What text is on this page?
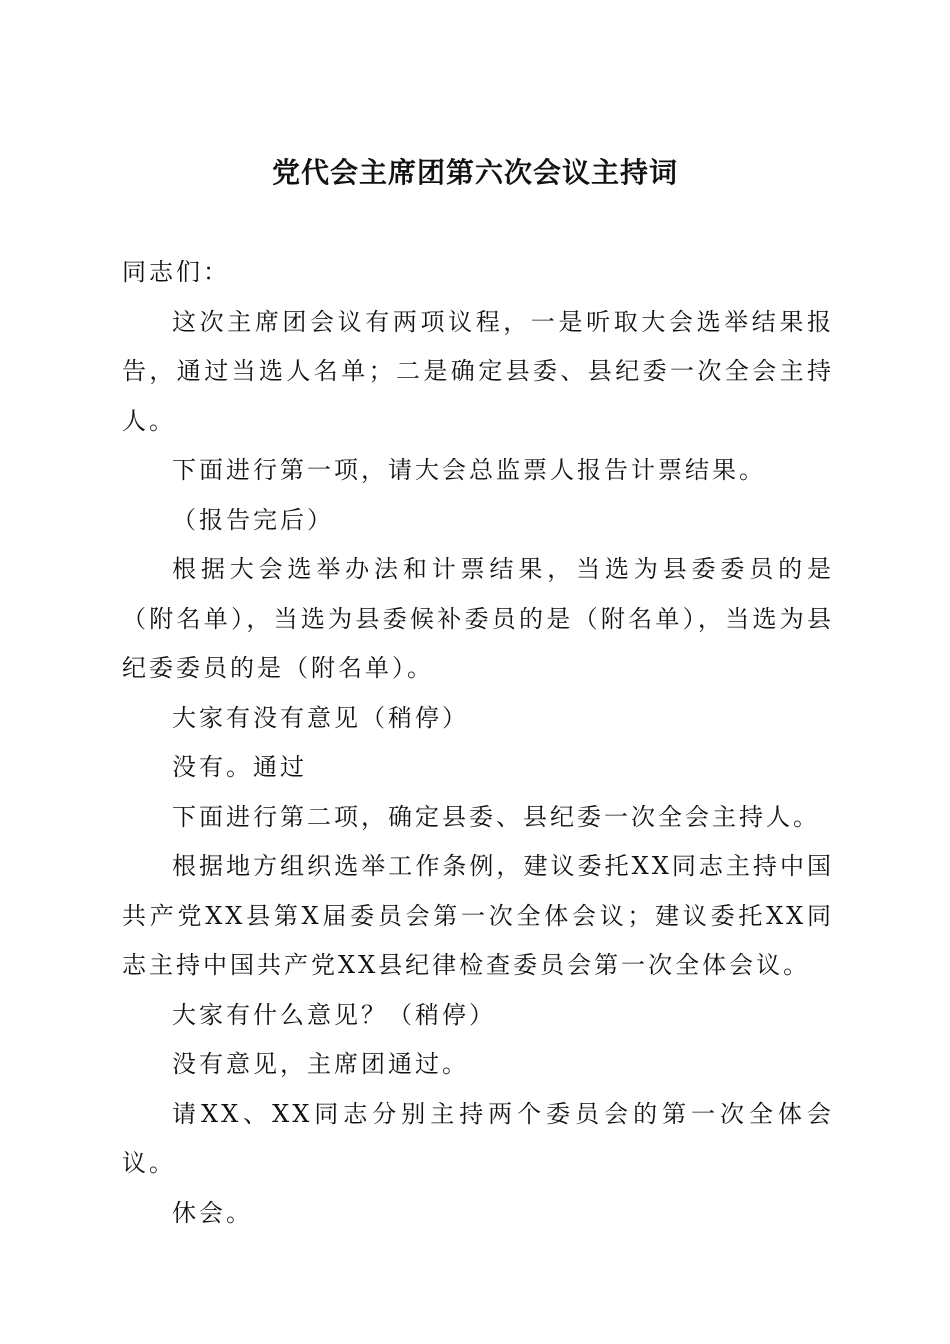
党代会主席团第六次会议主持词

同志们：

这次主席团会议有两项议程，一是听取大会选举结果报告，通过当选人名单；二是确定县委、县纪委一次全会主持人。

下面进行第一项，请大会总监票人报告计票结果。

（报告完后）

根据大会选举办法和计票结果，当选为县委委员的是（附名单），当选为县委候补委员的是（附名单），当选为县纪委委员的是（附名单）。

大家有没有意见（稍停）

没有。通过

下面进行第二项，确定县委、县纪委一次全会主持人。

根据地方组织选举工作条例，建议委托XX同志主持中国共产党XX县第X届委员会第一次全体会议；建议委托XX同志主持中国共产党XX县纪律检查委员会第一次全体会议。

大家有什么意见？（稍停）

没有意见，主席团通过。

请XX、XX同志分别主持两个委员会的第一次全体会议。

休会。
